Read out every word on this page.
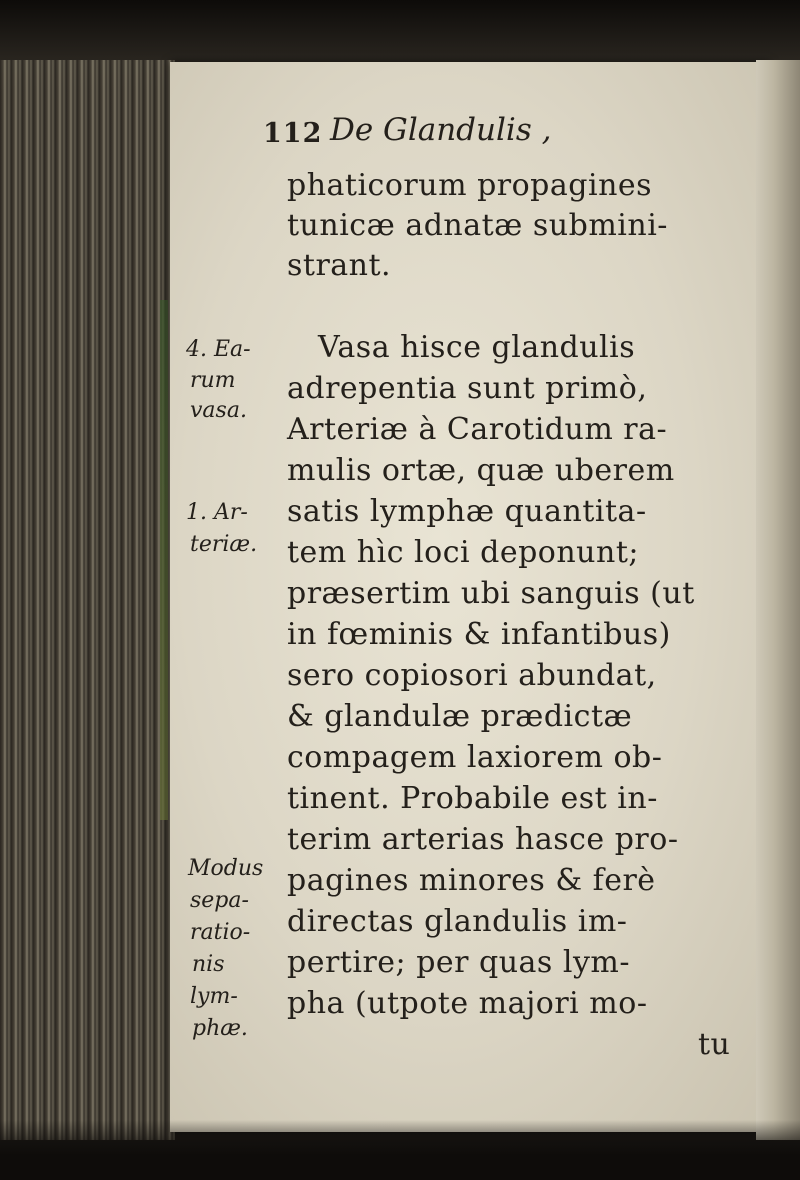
112 De Glandulis ,
phaticorum propagines
tunicæ adnatæ submini-
strant.
Vasa hisce glandulis
adrepentia sunt primò,
Arteriæ à Carotidum ra-
mulis ortæ, quæ uberem
satis lymphæ quantita-
tem hìc loci deponunt;
præsertim ubi sanguis (ut
in fœminis & infantibus)
sero copiosori abundat,
& glandulæ prædictæ
compagem laxiorem ob-
tinent. Probabile est in-
terim arterias hasce pro-
pagines minores & ferè
directas glandulis im-
pertire; per quas lym-
pha (utpote majori mo-
tu
4. Ea-
rum
vasa.
1. Ar-
teriæ.
Modus
sepa-
ratio-
nis
lym-
phæ.
